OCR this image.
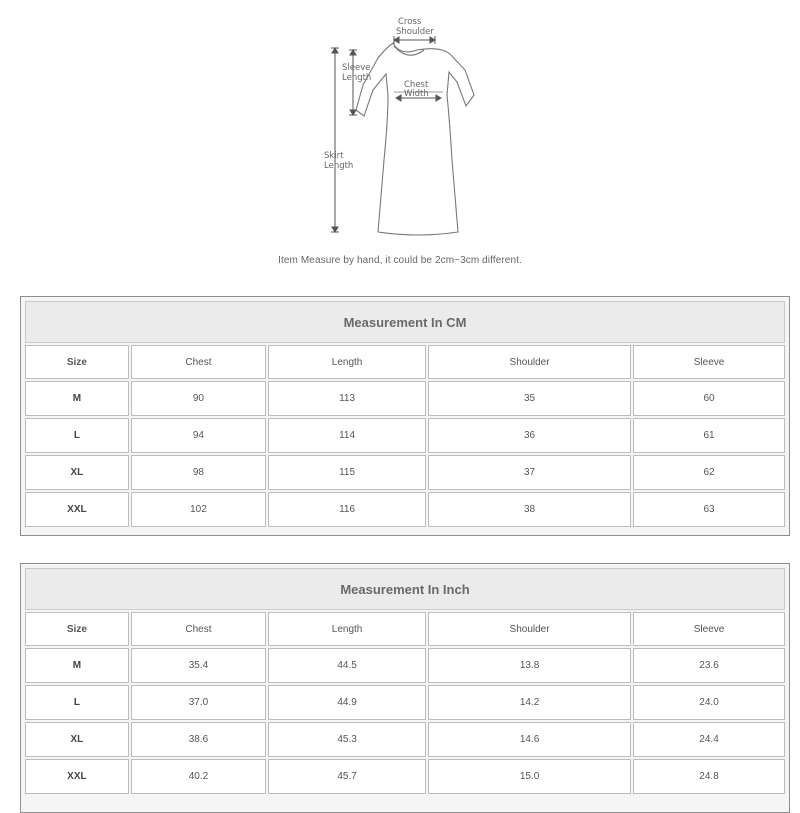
Cross
Shoulder
Sleeve
Length
Chest
Width
Skirt
Length
Item Measure by hand, it could be 2cm~3cm different.
Measurement In CM				
Size	Chest	Length	Shoulder	Sleeve
M	90	113	35	60
L	94	114	36	61
XL	98	115	37	62
XXL	102	116	38	63
Measurement In Inch				
Size	Chest	Length	Shoulder	Sleeve
M	35.4	44.5	13.8	23.6
L	37.0	44.9	14.2	24.0
XL	38.6	45.3	14.6	24.4
XXL	40.2	45.7	15.0	24.8
